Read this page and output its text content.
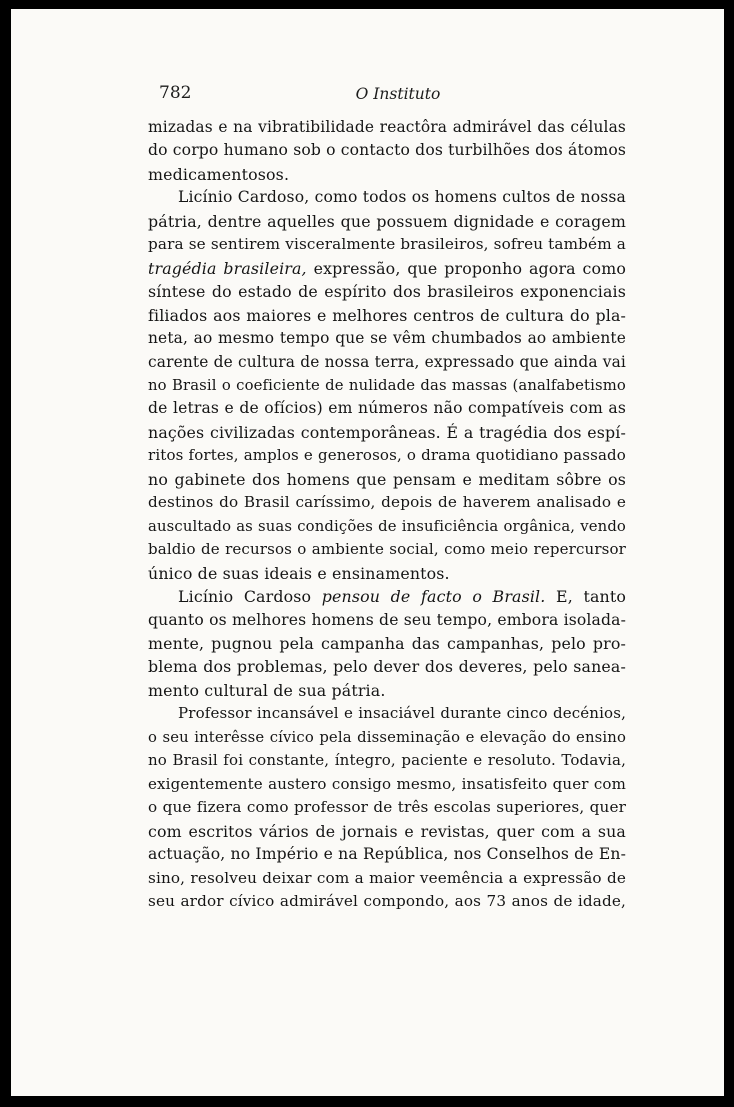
782	O Instituto
mizadas e na vibratibilidade reactôra admirável das células
do corpo humano sob o contacto dos turbilhões dos átomos
medicamentosos.
Licínio Cardoso, como todos os homens cultos de nossa
pátria, dentre aquelles que possuem dignidade e coragem
para se sentirem visceralmente brasileiros, sofreu também a
tragédia brasileira, expressão, que proponho agora como
síntese do estado de espírito dos brasileiros exponenciais
filiados aos maiores e melhores centros de cultura do pla-
neta, ao mesmo tempo que se vêm chumbados ao ambiente
carente de cultura de nossa terra, expressado que ainda vai
no Brasil o coeficiente de nulidade das massas (analfabetismo
de letras e de ofícios) em números não compatíveis com as
nações civilizadas contemporâneas. É a tragédia dos espí-
ritos fortes, amplos e generosos, o drama quotidiano passado
no gabinete dos homens que pensam e meditam sôbre os
destinos do Brasil caríssimo, depois de haverem analisado e
auscultado as suas condições de insuficiência orgânica, vendo
baldio de recursos o ambiente social, como meio repercursor
único de suas ideais e ensinamentos.
Licínio Cardoso pensou de facto o Brasil. E, tanto
quanto os melhores homens de seu tempo, embora isolada-
mente, pugnou pela campanha das campanhas, pelo pro-
blema dos problemas, pelo dever dos deveres, pelo sanea-
mento cultural de sua pátria.
Professor incansável e insaciável durante cinco decénios,
o seu interêsse cívico pela disseminação e elevação do ensino
no Brasil foi constante, íntegro, paciente e resoluto. Todavia,
exigentemente austero consigo mesmo, insatisfeito quer com
o que fizera como professor de três escolas superiores, quer
com escritos vários de jornais e revistas, quer com a sua
actuação, no Império e na República, nos Conselhos de En-
sino, resolveu deixar com a maior veemência a expressão de
seu ardor cívico admirável compondo, aos 73 anos de idade,
